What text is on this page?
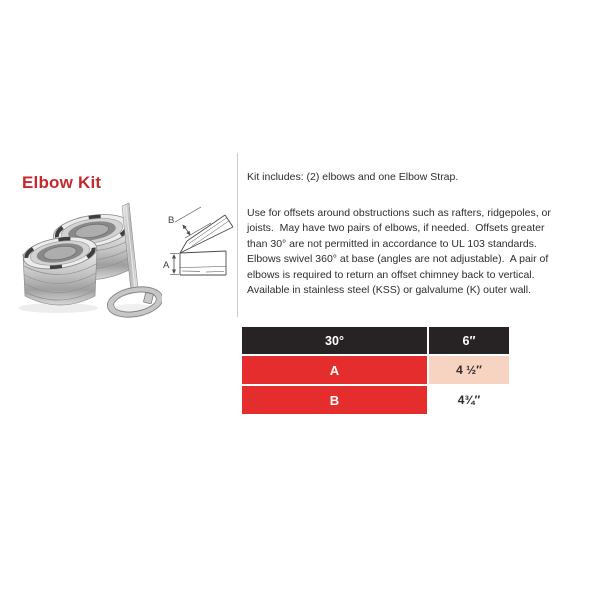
Elbow Kit
A
B

Kit includes: (2) elbows and one Elbow Strap.

Use for offsets around obstructions such as rafters, ridgepoles, or
joists.  May have two pairs of elbows, if needed.  Offsets greater
than 30° are not permitted in accordance to UL 103 standards.
Elbows swivel 360° at base (angles are not adjustable).  A pair of
elbows is required to return an offset chimney back to vertical.
Available in stainless steel (KSS) or galvalume (K) outer wall.

30°	6″
A	4 ½″
B	4¾″
